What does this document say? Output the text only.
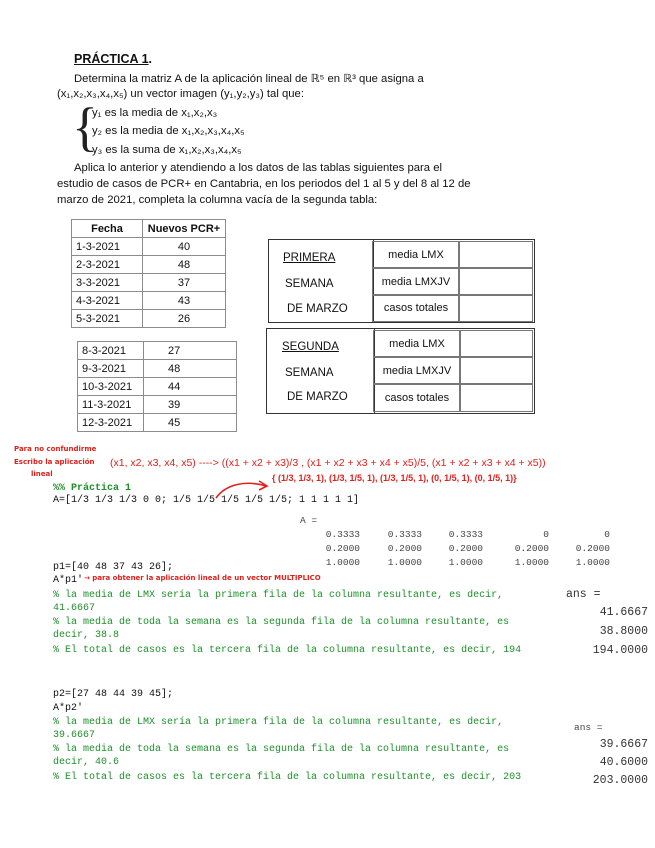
PRÁCTICA 1.
Determina la matriz A de la aplicación lineal de ℝ⁵ en ℝ³ que asigna a
(x₁,x₂,x₃,x₄,x₅) un vector imagen (y₁,y₂,y₃) tal que:
{
y₁ es la media de x₁,x₂,x₃
y₂ es la media de x₁,x₂,x₃,x₄,x₅
y₃ es la suma de x₁,x₂,x₃,x₄,x₅
Aplica lo anterior y atendiendo a los datos de las tablas siguientes para el
estudio de casos de PCR+ en Cantabria, en los periodos del 1 al 5 y del 8 al 12 de
marzo de 2021, completa la columna vacía de la segunda tabla:
Fecha	Nuevos PCR+
1-3-2021	40
2-3-2021	48
3-3-2021	37
4-3-2021	43
5-3-2021	26
8-3-2021	27
9-3-2021	48
10-3-2021	44
11-3-2021	39
12-3-2021	45
PRIMERA
SEMANA
DE MARZO
media LMX
media LMXJV
casos totales
SEGUNDA
SEMANA
DE MARZO
media LMX
media LMXJV
casos totales
Para no confundirme
Escribo la aplicación
lineal
(x1, x2, x3, x4, x5) ----> ((x1 + x2 + x3)/3 , (x1 + x2 + x3 + x4 + x5)/5, (x1 + x2 + x3 + x4 + x5))
{ (1/3, 1/3, 1), (1/3, 1/5, 1), (1/3, 1/5, 1), (0, 1/5, 1), (0, 1/5, 1)}
→ para obtener la aplicación lineal de un vector MULTIPLICO
%% Práctica 1
A=[1/3 1/3 1/3 0 0; 1/5 1/5 1/5 1/5 1/5; 1 1 1 1 1]
A =
0.3333	0.3333	0.3333	0	0
0.2000	0.2000	0.2000	0.2000	0.2000
1.0000	1.0000	1.0000	1.0000	1.0000
p1=[40 48 37 43 26];
A*p1'
% la media de LMX sería la primera fila de la columna resultante, es decir,
41.6667
% la media de toda la semana es la segunda fila de la columna resultante, es
decir, 38.8
% El total de casos es la tercera fila de la columna resultante, es decir, 194
ans =
41.6667
38.8000
194.0000
p2=[27 48 44 39 45];
A*p2'
% la media de LMX sería la primera fila de la columna resultante, es decir,
39.6667
% la media de toda la semana es la segunda fila de la columna resultante, es
decir, 40.6
% El total de casos es la tercera fila de la columna resultante, es decir, 203
ans =
39.6667
40.6000
203.0000
